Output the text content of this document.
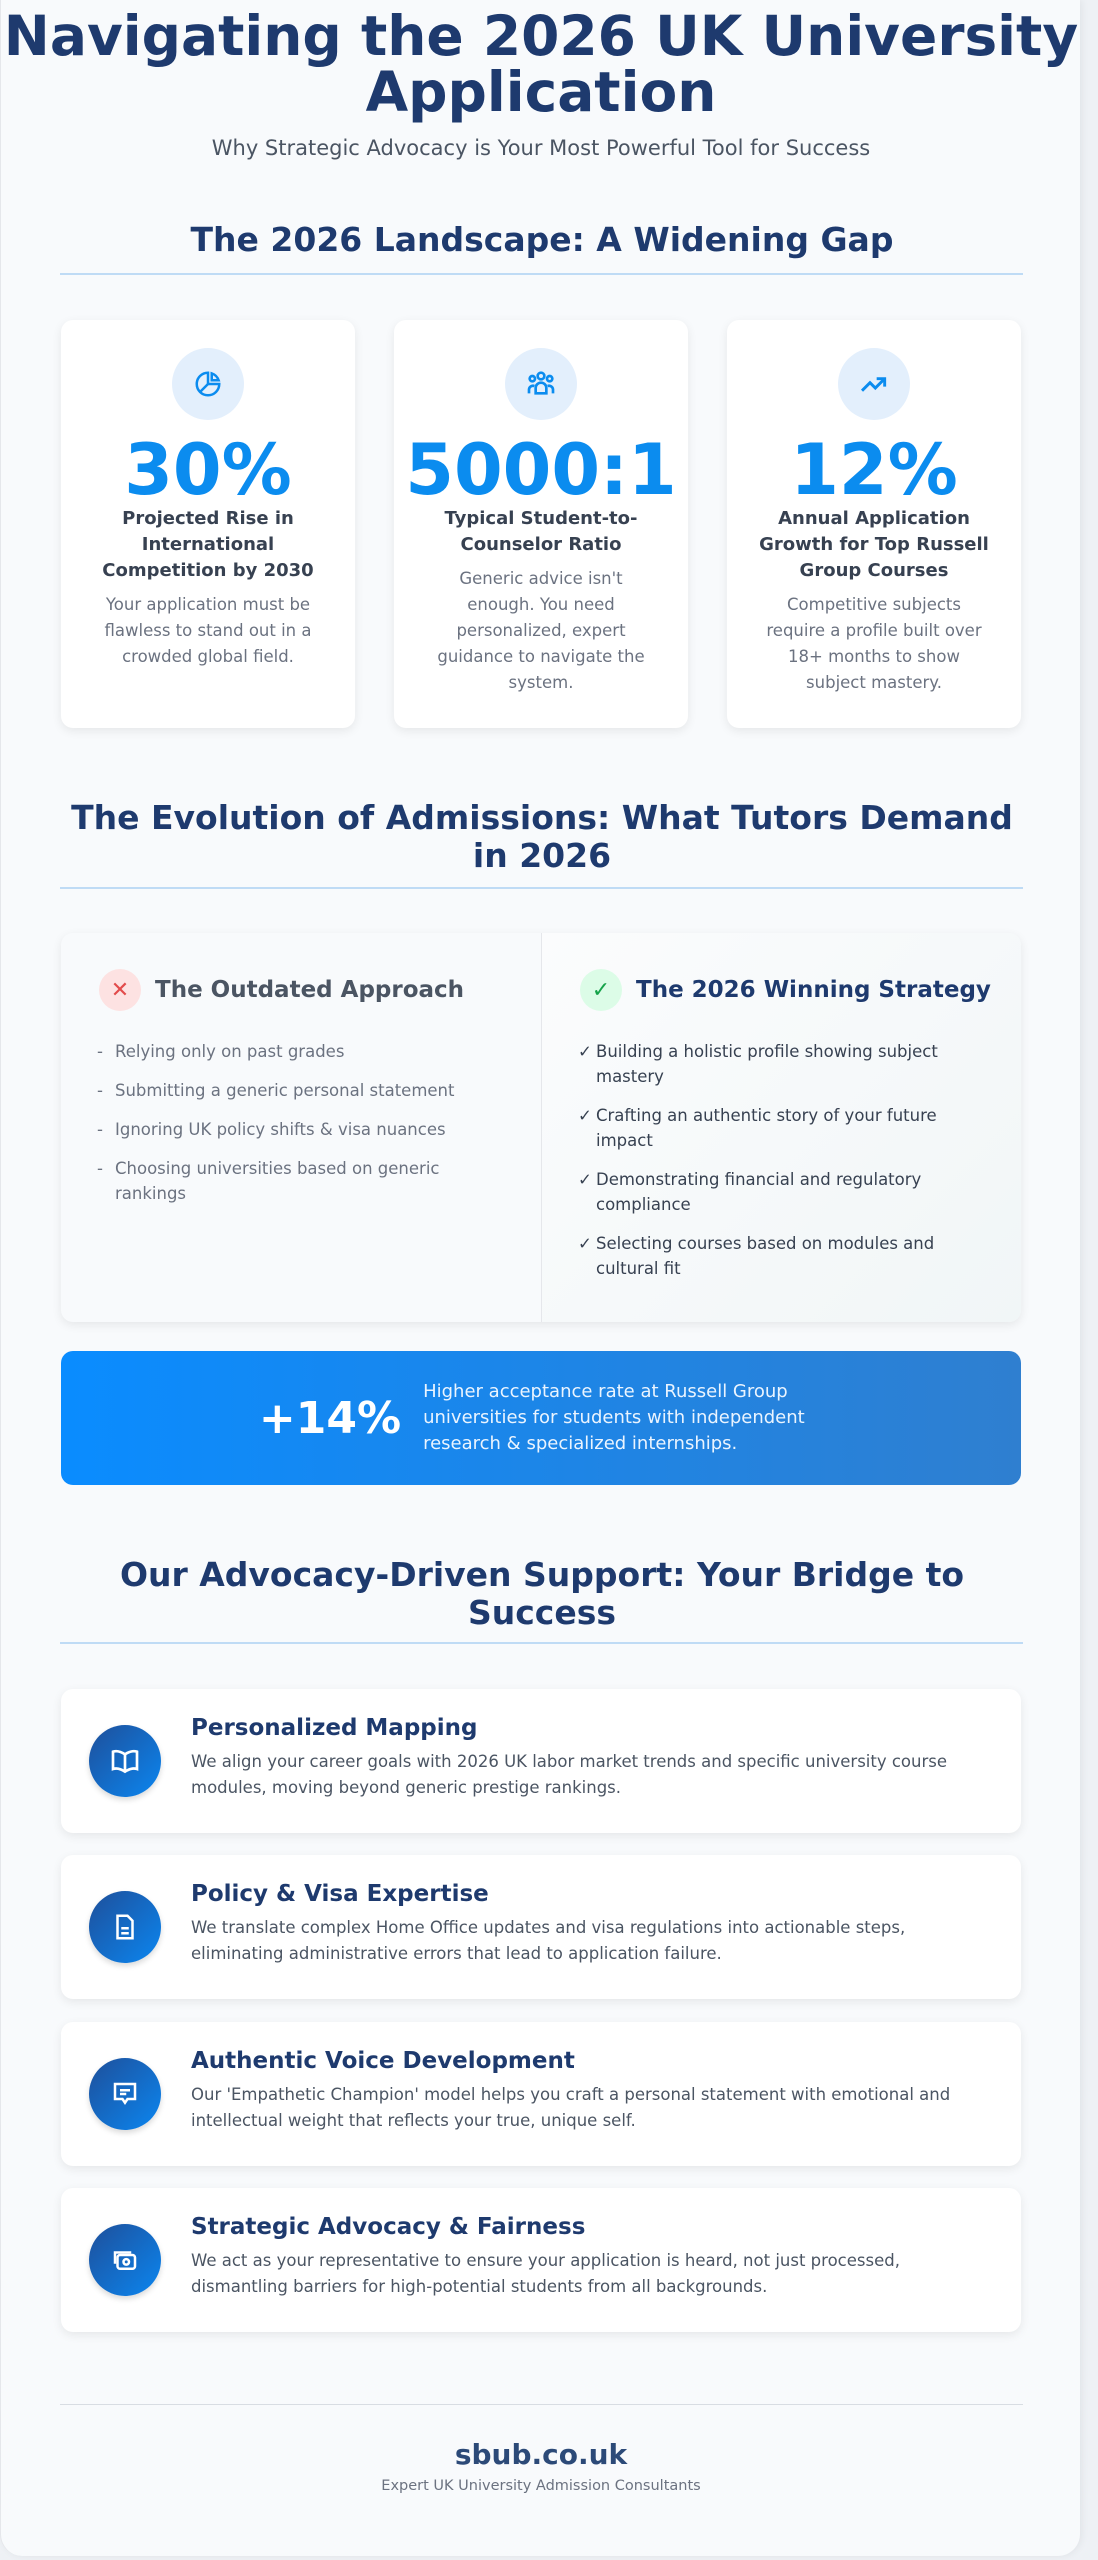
Navigating the 2026 UK University Application
Why Strategic Advocacy is Your Most Powerful Tool for Success
The 2026 Landscape: A Widening Gap
30%
Projected Rise in International Competition by 2030
Your application must be flawless to stand out in a crowded global field.
5000:1
Typical Student-to-Counselor Ratio
Generic advice isn't enough. You need personalized, expert guidance to navigate the system.
12%
Annual Application Growth for Top Russell Group Courses
Competitive subjects require a profile built over 18+ months to show subject mastery.
The Evolution of Admissions: What Tutors Demand in 2026
✕	The Outdated Approach
- Relying only on past grades
- Submitting a generic personal statement
- Ignoring UK policy shifts & visa nuances
- Choosing universities based on generic rankings
✓	The 2026 Winning Strategy
✓ Building a holistic profile showing subject mastery
✓ Crafting an authentic story of your future impact
✓ Demonstrating financial and regulatory compliance
✓ Selecting courses based on modules and cultural fit
+14%
Higher acceptance rate at Russell Group universities for students with independent research & specialized internships.
Our Advocacy-Driven Support: Your Bridge to Success
Personalized Mapping
We align your career goals with 2026 UK labor market trends and specific university course modules, moving beyond generic prestige rankings.
Policy & Visa Expertise
We translate complex Home Office updates and visa regulations into actionable steps, eliminating administrative errors that lead to application failure.
Authentic Voice Development
Our 'Empathetic Champion' model helps you craft a personal statement with emotional and intellectual weight that reflects your true, unique self.
Strategic Advocacy & Fairness
We act as your representative to ensure your application is heard, not just processed, dismantling barriers for high-potential students from all backgrounds.
sbub.co.uk
Expert UK University Admission Consultants
